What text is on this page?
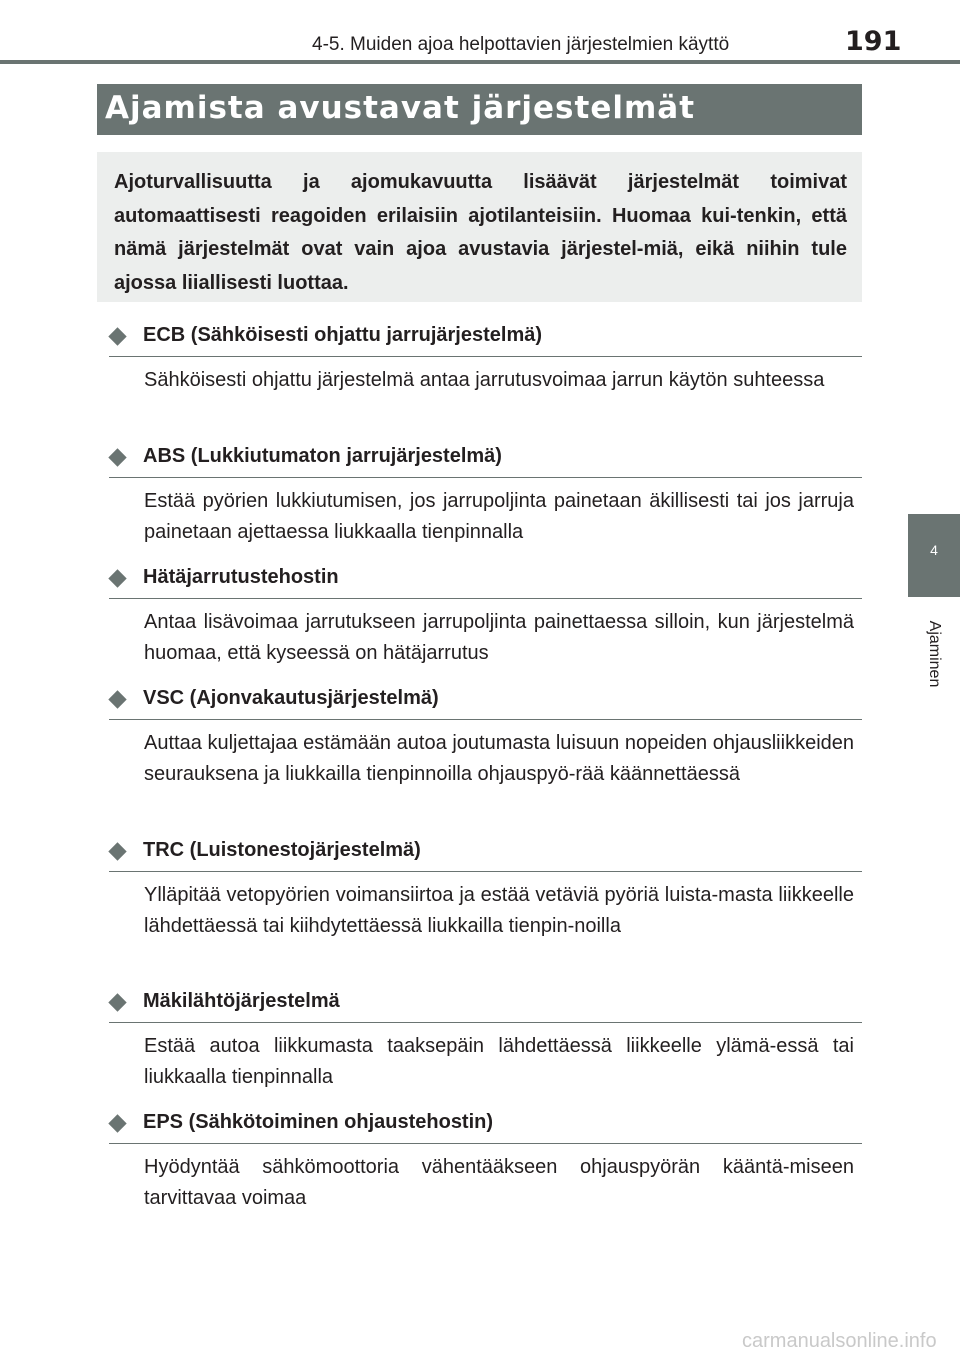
4-5. Muiden ajoa helpottavien järjestelmien käyttö	191
Ajamista avustavat järjestelmät

Ajoturvallisuutta ja ajomukavuutta lisäävät järjestelmät toimivat automaattisesti reagoiden erilaisiin ajotilanteisiin. Huomaa kui-tenkin, että nämä järjestelmät ovat vain ajoa avustavia järjestel-miä, eikä niihin tule ajossa liiallisesti luottaa.

ECB (Sähköisesti ohjattu jarrujärjestelmä)
Sähköisesti ohjattu järjestelmä antaa jarrutusvoimaa jarrun käytön suhteessa
ABS (Lukkiutumaton jarrujärjestelmä)
Estää pyörien lukkiutumisen, jos jarrupoljinta painetaan äkillisesti tai jos jarruja painetaan ajettaessa liukkaalla tienpinnalla
Hätäjarrutustehostin
Antaa lisävoimaa jarrutukseen jarrupoljinta painettaessa silloin, kun järjestelmä huomaa, että kyseessä on hätäjarrutus
VSC (Ajonvakautusjärjestelmä)
Auttaa kuljettajaa estämään autoa joutumasta luisuun nopeiden ohjausliikkeiden seurauksena ja liukkailla tienpinnoilla ohjauspyö-rää käännettäessä
TRC (Luistonestojärjestelmä)
Ylläpitää vetopyörien voimansiirtoa ja estää vetäviä pyöriä luista-masta liikkeelle lähdettäessä tai kiihdytettäessä liukkailla tienpin-noilla
Mäkilähtöjärjestelmä
Estää autoa liikkumasta taaksepäin lähdettäessä liikkeelle ylämä-essä tai liukkaalla tienpinnalla
EPS (Sähkötoiminen ohjaustehostin)
Hyödyntää sähkömoottoria vähentääkseen ohjauspyörän kääntä-miseen tarvittavaa voimaa
4
Ajaminen
carmanualsonline.info
